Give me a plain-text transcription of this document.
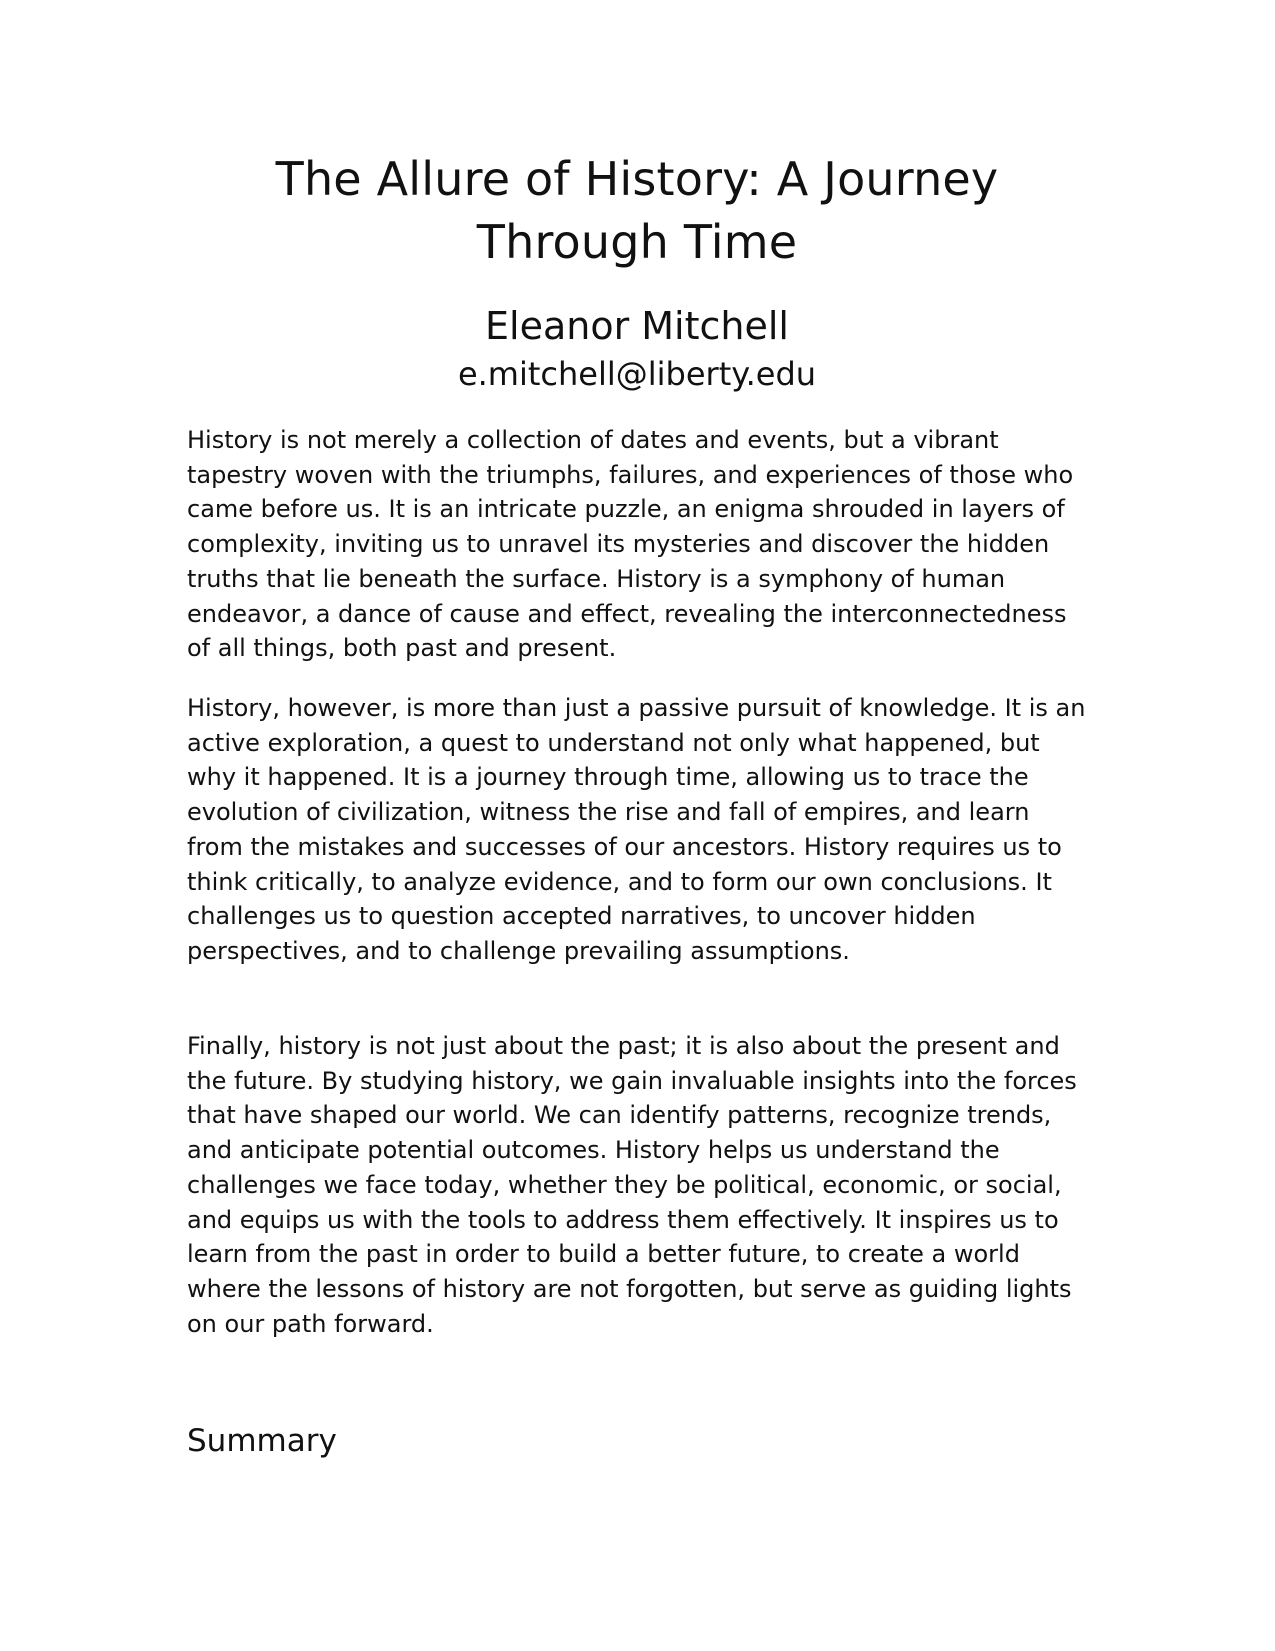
The Allure of History: A Journey Through Time
Eleanor Mitchell
e.mitchell@liberty.edu

History is not merely a collection of dates and events, but a vibrant tapestry woven with the triumphs, failures, and experiences of those who came before us. It is an intricate puzzle, an enigma shrouded in layers of complexity, inviting us to unravel its mysteries and discover the hidden truths that lie beneath the surface. History is a symphony of human endeavor, a dance of cause and effect, revealing the interconnectedness of all things, both past and present.

History, however, is more than just a passive pursuit of knowledge. It is an active exploration, a quest to understand not only what happened, but why it happened. It is a journey through time, allowing us to trace the evolution of civilization, witness the rise and fall of empires, and learn from the mistakes and successes of our ancestors. History requires us to think critically, to analyze evidence, and to form our own conclusions. It challenges us to question accepted narratives, to uncover hidden perspectives, and to challenge prevailing assumptions.

Finally, history is not just about the past; it is also about the present and the future. By studying history, we gain invaluable insights into the forces that have shaped our world. We can identify patterns, recognize trends, and anticipate potential outcomes. History helps us understand the challenges we face today, whether they be political, economic, or social, and equips us with the tools to address them effectively. It inspires us to learn from the past in order to build a better future, to create a world where the lessons of history are not forgotten, but serve as guiding lights on our path forward.

Summary
